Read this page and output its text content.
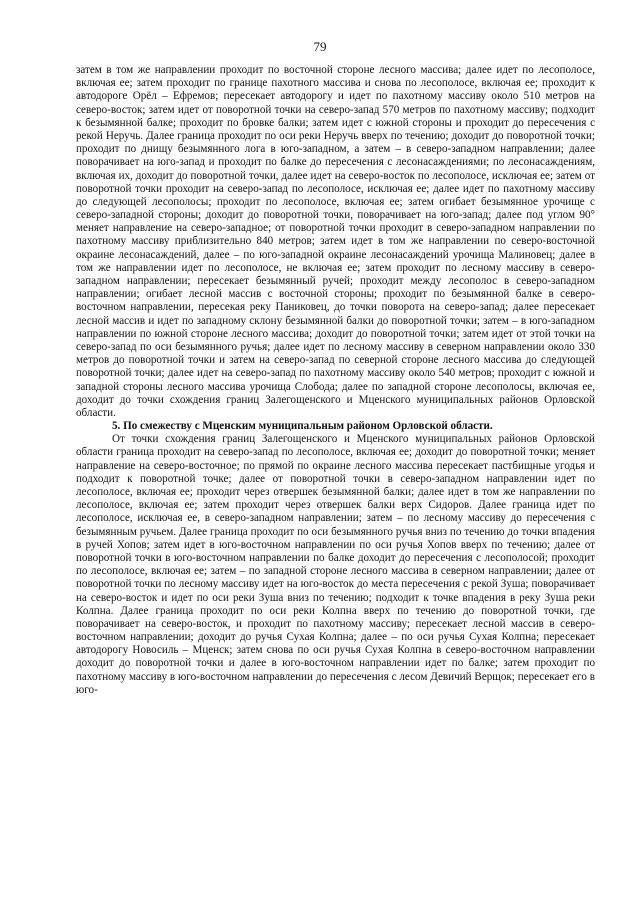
79

затем в том же направлении проходит по восточной стороне лесного массива; далее идет по лесополосе, включая ее; затем проходит по границе пахотного массива и снова по лесополосе, включая ее; проходит к автодороге Орёл – Ефремов; пересекает автодорогу и идет по пахотному массиву около 510 метров на северо-восток; затем идет от поворотной точки на северо-запад 570 метров по пахотному массиву; подходит к безымянной балке; проходит по бровке балки; затем идет с южной стороны и проходит до пересечения с рекой Неручь. Далее граница проходит по оси реки Неручь вверх по течению; доходит до поворотной точки; проходит по днищу безымянного лога в юго-западном, а затем – в северо-западном направлении; далее поворачивает на юго-запад и проходит по балке до пересечения с лесонасаждениями; по лесонасаждениям, включая их, доходит до поворотной точки, далее идет на северо-восток по лесополосе, исключая ее; затем от поворотной точки проходит на северо-запад по лесополосе, исключая ее; далее идет по пахотному массиву до следующей лесополосы; проходит по лесополосе, включая ее; затем огибает безымянное урочище с северо-западной стороны; доходит до поворотной точки, поворачивает на юго-запад; далее под углом 90° меняет направление на северо-западное; от поворотной точки проходит в северо-западном направлении по пахотному массиву приблизительно 840 метров; затем идет в том же направлении по северо-восточной окраине лесонасаждений, далее – по юго-западной окраине лесонасаждений урочища Малиновец; далее в том же направлении идет по лесополосе, не включая ее; затем проходит по лесному массиву в северо-западном направлении; пересекает безымянный ручей; проходит между лесополос в северо-западном направлении; огибает лесной массив с восточной стороны; проходит по безымянной балке в северо-восточном направлении, пересекая реку Паниковец, до точки поворота на северо-запад; далее пересекает лесной массив и идет по западному склону безымянной балки до поворотной точки; затем – в юго-западном направлении по южной стороне лесного массива; доходит до поворотной точки; затем идет от этой точки на северо-запад по оси безымянного ручья; далее идет по лесному массиву в северном направлении около 330 метров до поворотной точки и затем на северо-запад по северной стороне лесного массива до следующей поворотной точки; далее идет на северо-запад по пахотному массиву около 540 метров; проходит с южной и западной стороны лесного массива урочища Слобода; далее по западной стороне лесополосы, включая ее, доходит до точки схождения границ Залегощенского и Мценского муниципальных районов Орловской области.

5. По смежеству с Мценским муниципальным районом Орловской области.

От точки схождения границ Залегощенского и Мценского муниципальных районов Орловской области граница проходит на северо-запад по лесополосе, включая ее; доходит до поворотной точки; меняет направление на северо-восточное; по прямой по окраине лесного массива пересекает пастбищные угодья и подходит к поворотной точке; далее от поворотной точки в северо-западном направлении идет по лесополосе, включая ее; проходит через отвершек безымянной балки; далее идет в том же направлении по лесополосе, включая ее; затем проходит через отвершек балки верх Сидоров. Далее граница идет по лесополосе, исключая ее, в северо-западном направлении; затем – по лесному массиву до пересечения с безымянным ручьем. Далее граница проходит по оси безымянного ручья вниз по течению до точки впадения в ручей Хопов; затем идет в юго-восточном направлении по оси ручья Хопов вверх по течению; далее от поворотной точки в юго-восточном направлении по балке доходит до пересечения с лесополосой; проходит по лесополосе, включая ее; затем – по западной стороне лесного массива в северном направлении; далее от поворотной точки по лесному массиву идет на юго-восток до места пересечения с рекой Зуша; поворачивает на северо-восток и идет по оси реки Зуша вниз по течению; подходит к точке впадения в реку Зуша реки Колпна. Далее граница проходит по оси реки Колпна вверх по течению до поворотной точки, где поворачивает на северо-восток, и проходит по пахотному массиву; пересекает лесной массив в северо-восточном направлении; доходит до ручья Сухая Колпна; далее – по оси ручья Сухая Колпна; пересекает автодорогу Новосиль – Мценск; затем снова по оси ручья Сухая Колпна в северо-восточном направлении доходит до поворотной точки и далее в юго-восточном направлении идет по балке; затем проходит по пахотному массиву в юго-восточном направлении до пересечения с лесом Девичий Верщок; пересекает его в юго-
